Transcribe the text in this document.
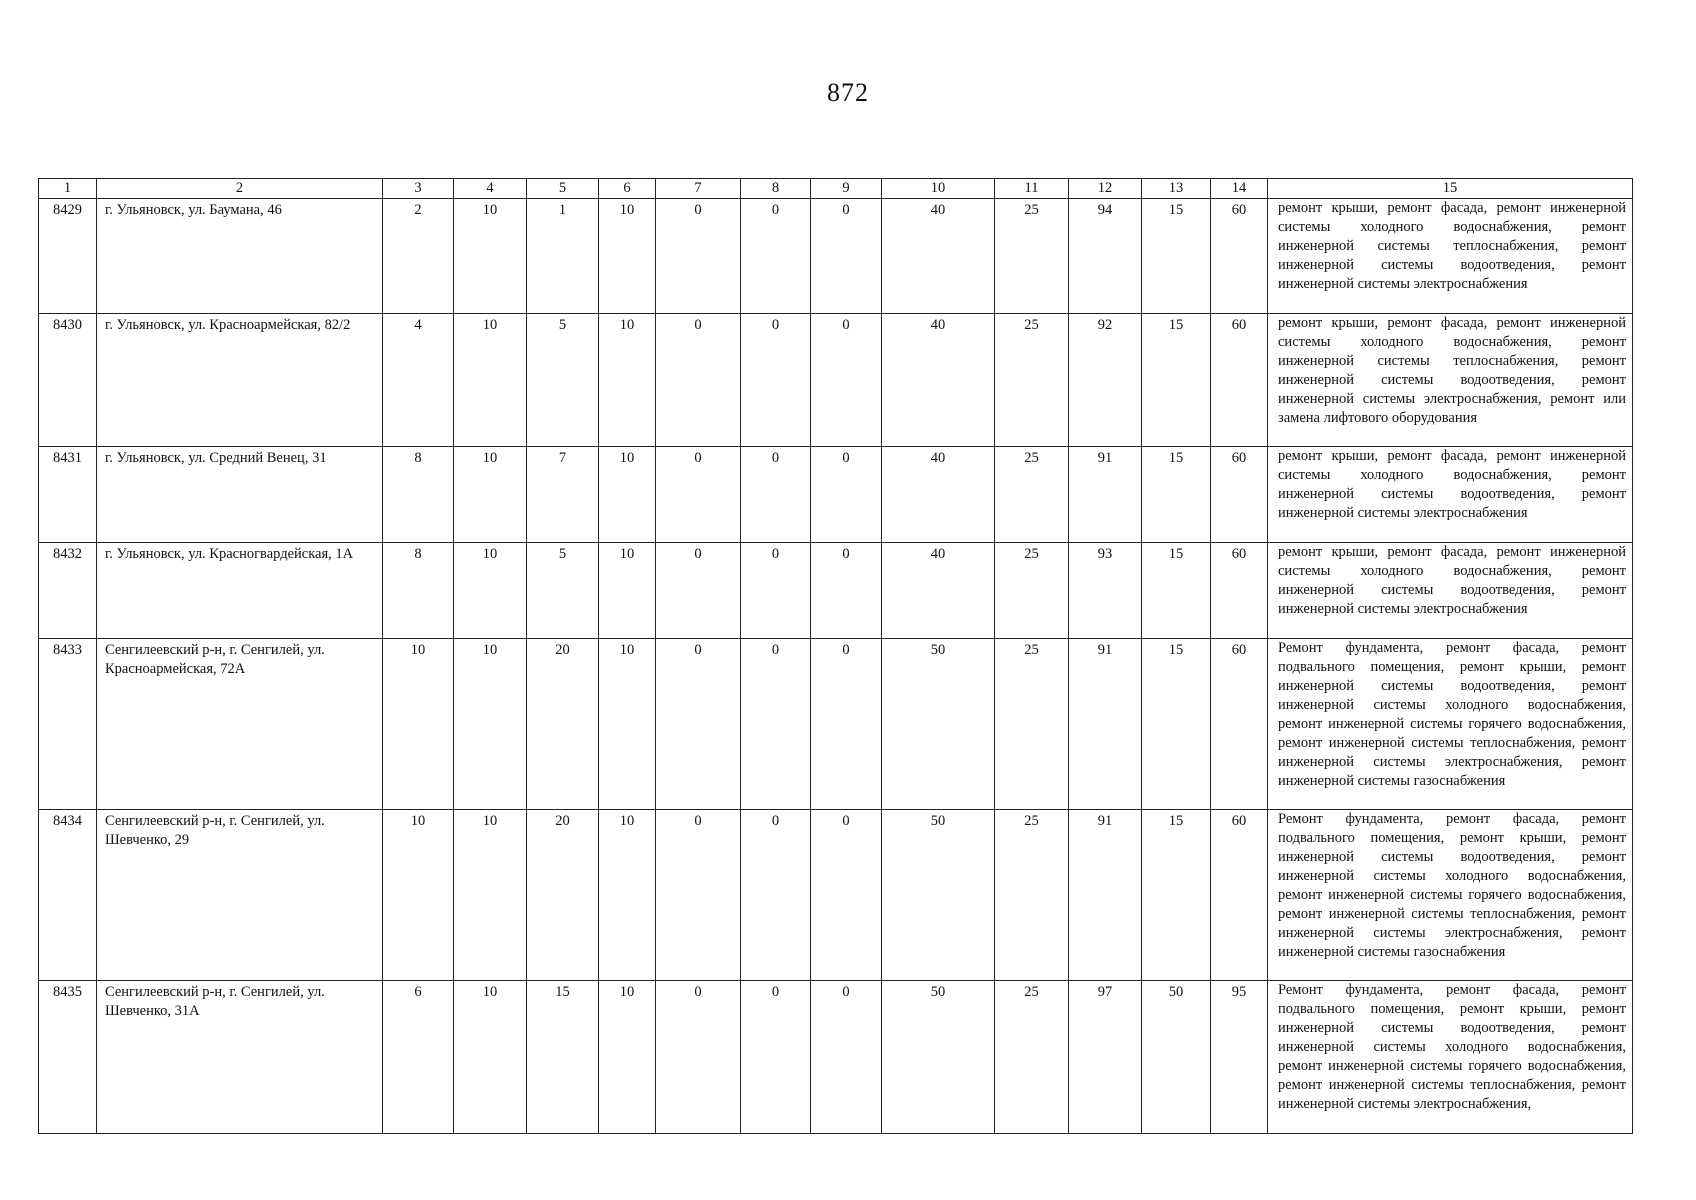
872
1	2	3	4	5	6	7	8	9	10	11	12	13	14	15
8429	г. Ульяновск, ул. Баумана, 46	2	10	1	10	0	0	0	40	25	94	15	60	ремонт крыши, ремонт фасада, ремонт инженерной системы холодного водоснабжения, ремонт инженерной системы теплоснабжения, ремонт инженерной системы водоотведения, ремонт инженерной системы электроснабжения
8430	г. Ульяновск, ул. Красноармейская, 82/2	4	10	5	10	0	0	0	40	25	92	15	60	ремонт крыши, ремонт фасада, ремонт инженерной системы холодного водоснабжения, ремонт инженерной системы теплоснабжения, ремонт инженерной системы водоотведения, ремонт инженерной системы электроснабжения, ремонт или замена лифтового оборудования
8431	г. Ульяновск, ул. Средний Венец, 31	8	10	7	10	0	0	0	40	25	91	15	60	ремонт крыши, ремонт фасада, ремонт инженерной системы холодного водоснабжения, ремонт инженерной системы водоотведения, ремонт инженерной системы электроснабжения
8432	г. Ульяновск, ул. Красногвардейская, 1А	8	10	5	10	0	0	0	40	25	93	15	60	ремонт крыши, ремонт фасада, ремонт инженерной системы холодного водоснабжения, ремонт инженерной системы водоотведения, ремонт инженерной системы электроснабжения
8433	Сенгилеевский р-н, г. Сенгилей, ул. Красноармейская, 72А	10	10	20	10	0	0	0	50	25	91	15	60	Ремонт фундамента, ремонт фасада, ремонт подвального помещения, ремонт крыши, ремонт инженерной системы водоотведения, ремонт инженерной системы холодного водоснабжения, ремонт инженерной системы горячего водоснабжения, ремонт инженерной системы теплоснабжения, ремонт инженерной системы электроснабжения, ремонт инженерной системы газоснабжения
8434	Сенгилеевский р-н, г. Сенгилей, ул. Шевченко, 29	10	10	20	10	0	0	0	50	25	91	15	60	Ремонт фундамента, ремонт фасада, ремонт подвального помещения, ремонт крыши, ремонт инженерной системы водоотведения, ремонт инженерной системы холодного водоснабжения, ремонт инженерной системы горячего водоснабжения, ремонт инженерной системы теплоснабжения, ремонт инженерной системы электроснабжения, ремонт инженерной системы газоснабжения
8435	Сенгилеевский р-н, г. Сенгилей, ул. Шевченко, 31А	6	10	15	10	0	0	0	50	25	97	50	95	Ремонт фундамента, ремонт фасада, ремонт подвального помещения, ремонт крыши, ремонт инженерной системы водоотведения, ремонт инженерной системы холодного водоснабжения, ремонт инженерной системы горячего водоснабжения, ремонт инженерной системы теплоснабжения, ремонт инженерной системы электроснабжения,
